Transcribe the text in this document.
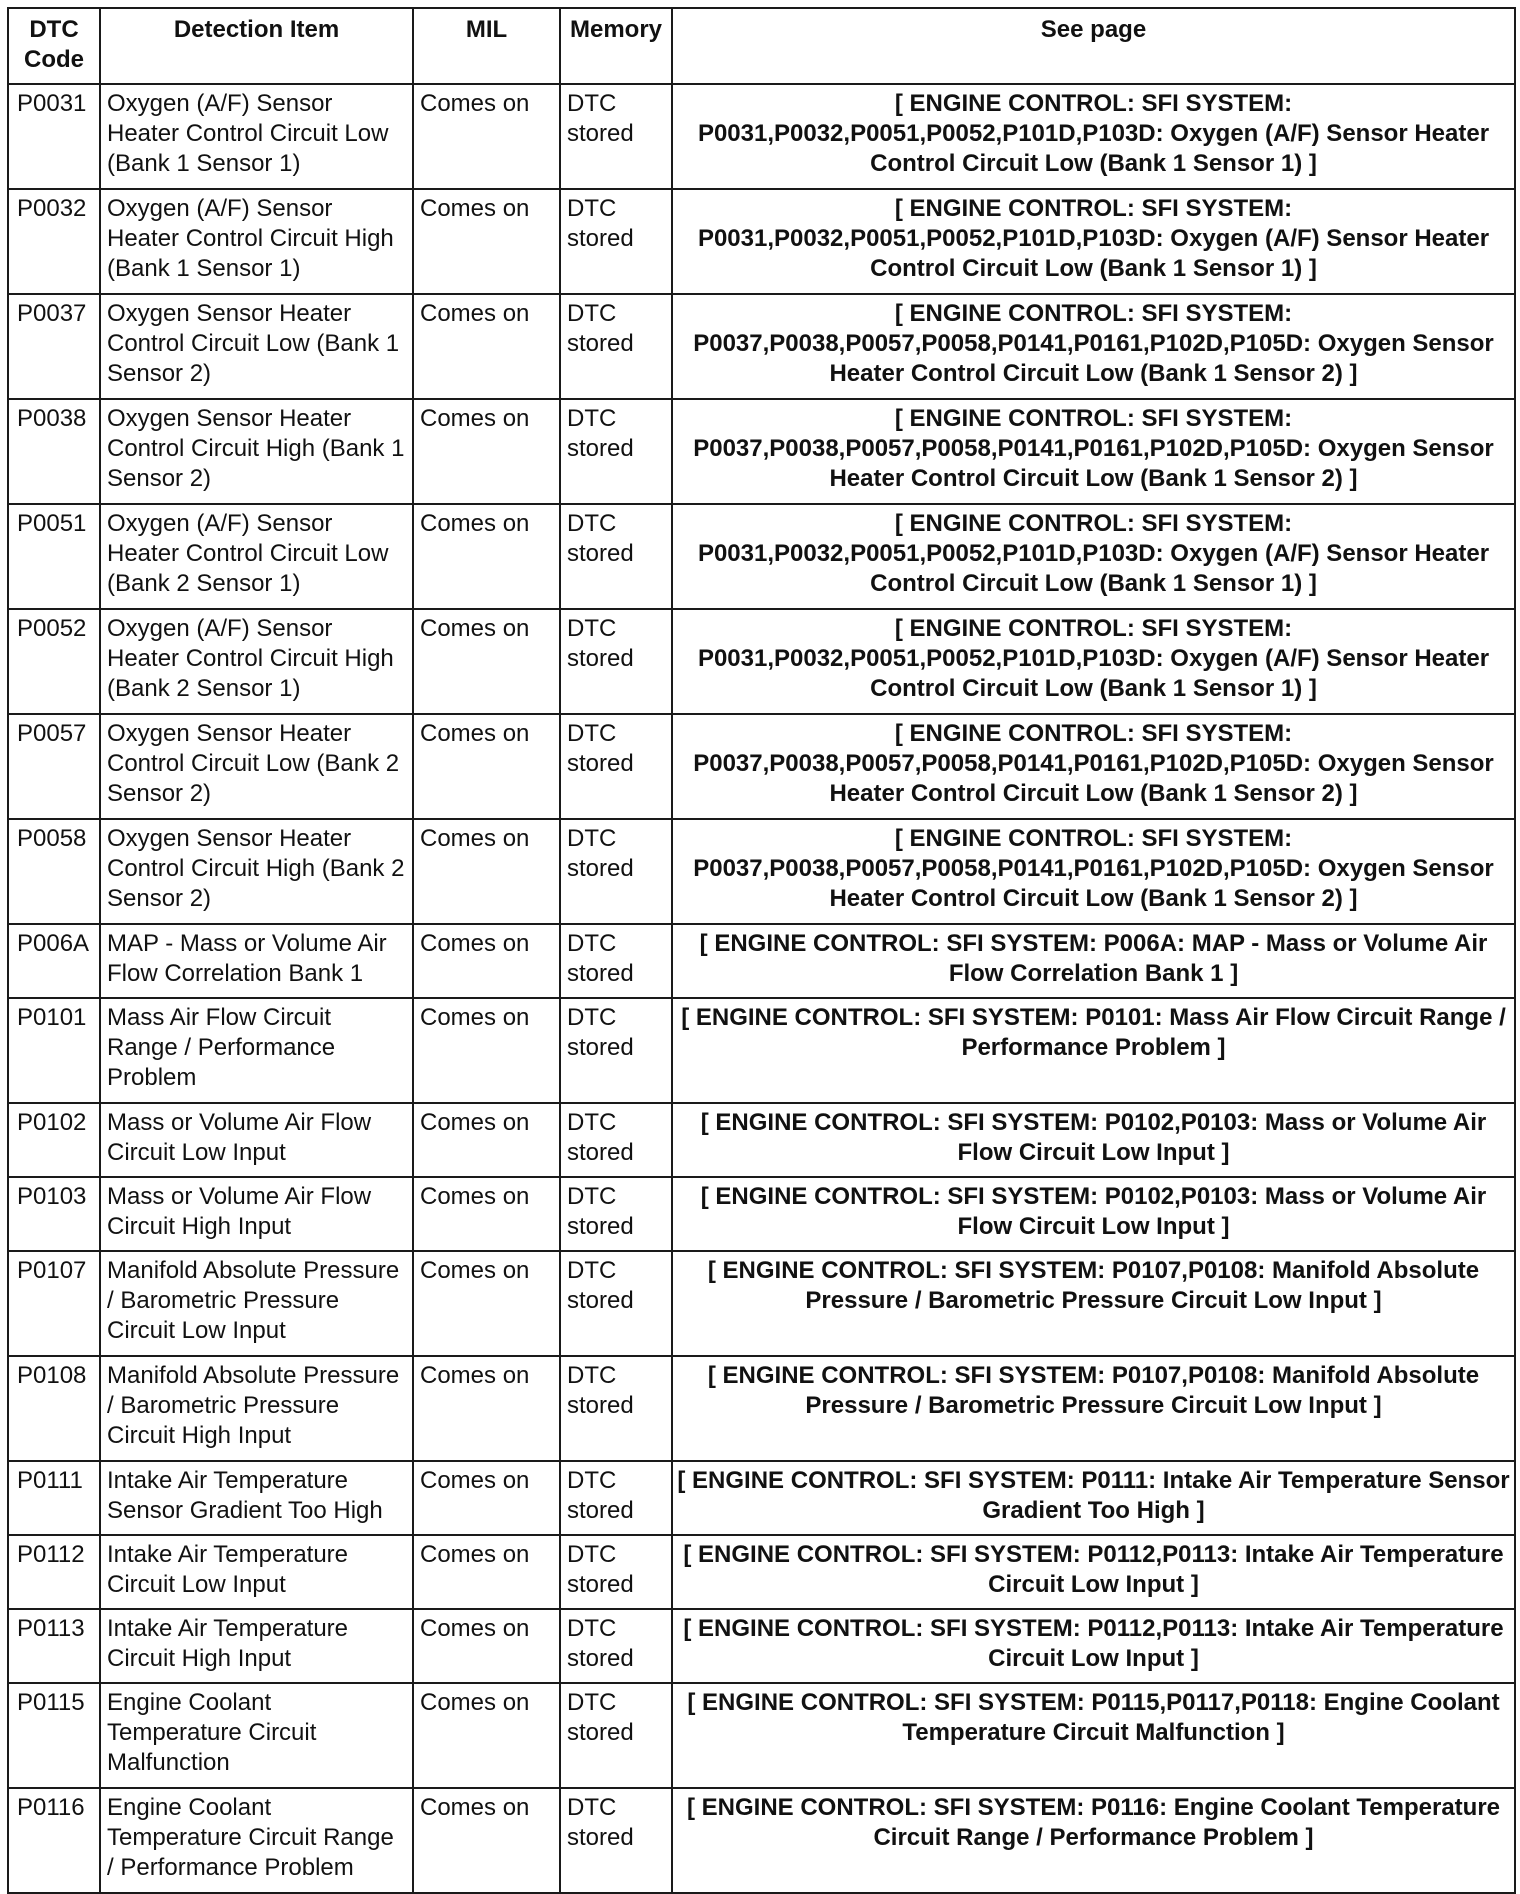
DTC Code	Detection Item	MIL	Memory	See page
P0031	Oxygen (A/F) Sensor Heater Control Circuit Low (Bank 1 Sensor 1)	Comes on	DTC stored	[ ENGINE CONTROL: SFI SYSTEM: P0031,P0032,P0051,P0052,P101D,P103D: Oxygen (A/F) Sensor Heater Control Circuit Low (Bank 1 Sensor 1) ]
P0032	Oxygen (A/F) Sensor Heater Control Circuit High (Bank 1 Sensor 1)	Comes on	DTC stored	[ ENGINE CONTROL: SFI SYSTEM: P0031,P0032,P0051,P0052,P101D,P103D: Oxygen (A/F) Sensor Heater Control Circuit Low (Bank 1 Sensor 1) ]
P0037	Oxygen Sensor Heater Control Circuit Low (Bank 1 Sensor 2)	Comes on	DTC stored	[ ENGINE CONTROL: SFI SYSTEM: P0037,P0038,P0057,P0058,P0141,P0161,P102D,P105D: Oxygen Sensor Heater Control Circuit Low (Bank 1 Sensor 2) ]
P0038	Oxygen Sensor Heater Control Circuit High (Bank 1 Sensor 2)	Comes on	DTC stored	[ ENGINE CONTROL: SFI SYSTEM: P0037,P0038,P0057,P0058,P0141,P0161,P102D,P105D: Oxygen Sensor Heater Control Circuit Low (Bank 1 Sensor 2) ]
P0051	Oxygen (A/F) Sensor Heater Control Circuit Low (Bank 2 Sensor 1)	Comes on	DTC stored	[ ENGINE CONTROL: SFI SYSTEM: P0031,P0032,P0051,P0052,P101D,P103D: Oxygen (A/F) Sensor Heater Control Circuit Low (Bank 1 Sensor 1) ]
P0052	Oxygen (A/F) Sensor Heater Control Circuit High (Bank 2 Sensor 1)	Comes on	DTC stored	[ ENGINE CONTROL: SFI SYSTEM: P0031,P0032,P0051,P0052,P101D,P103D: Oxygen (A/F) Sensor Heater Control Circuit Low (Bank 1 Sensor 1) ]
P0057	Oxygen Sensor Heater Control Circuit Low (Bank 2 Sensor 2)	Comes on	DTC stored	[ ENGINE CONTROL: SFI SYSTEM: P0037,P0038,P0057,P0058,P0141,P0161,P102D,P105D: Oxygen Sensor Heater Control Circuit Low (Bank 1 Sensor 2) ]
P0058	Oxygen Sensor Heater Control Circuit High (Bank 2 Sensor 2)	Comes on	DTC stored	[ ENGINE CONTROL: SFI SYSTEM: P0037,P0038,P0057,P0058,P0141,P0161,P102D,P105D: Oxygen Sensor Heater Control Circuit Low (Bank 1 Sensor 2) ]
P006A	MAP - Mass or Volume Air Flow Correlation Bank 1	Comes on	DTC stored	[ ENGINE CONTROL: SFI SYSTEM: P006A: MAP - Mass or Volume Air Flow Correlation Bank 1 ]
P0101	Mass Air Flow Circuit Range / Performance Problem	Comes on	DTC stored	[ ENGINE CONTROL: SFI SYSTEM: P0101: Mass Air Flow Circuit Range / Performance Problem ]
P0102	Mass or Volume Air Flow Circuit Low Input	Comes on	DTC stored	[ ENGINE CONTROL: SFI SYSTEM: P0102,P0103: Mass or Volume Air Flow Circuit Low Input ]
P0103	Mass or Volume Air Flow Circuit High Input	Comes on	DTC stored	[ ENGINE CONTROL: SFI SYSTEM: P0102,P0103: Mass or Volume Air Flow Circuit Low Input ]
P0107	Manifold Absolute Pressure / Barometric Pressure Circuit Low Input	Comes on	DTC stored	[ ENGINE CONTROL: SFI SYSTEM: P0107,P0108: Manifold Absolute Pressure / Barometric Pressure Circuit Low Input ]
P0108	Manifold Absolute Pressure / Barometric Pressure Circuit High Input	Comes on	DTC stored	[ ENGINE CONTROL: SFI SYSTEM: P0107,P0108: Manifold Absolute Pressure / Barometric Pressure Circuit Low Input ]
P0111	Intake Air Temperature Sensor Gradient Too High	Comes on	DTC stored	[ ENGINE CONTROL: SFI SYSTEM: P0111: Intake Air Temperature Sensor Gradient Too High ]
P0112	Intake Air Temperature Circuit Low Input	Comes on	DTC stored	[ ENGINE CONTROL: SFI SYSTEM: P0112,P0113: Intake Air Temperature Circuit Low Input ]
P0113	Intake Air Temperature Circuit High Input	Comes on	DTC stored	[ ENGINE CONTROL: SFI SYSTEM: P0112,P0113: Intake Air Temperature Circuit Low Input ]
P0115	Engine Coolant Temperature Circuit Malfunction	Comes on	DTC stored	[ ENGINE CONTROL: SFI SYSTEM: P0115,P0117,P0118: Engine Coolant Temperature Circuit Malfunction ]
P0116	Engine Coolant Temperature Circuit Range / Performance Problem	Comes on	DTC stored	[ ENGINE CONTROL: SFI SYSTEM: P0116: Engine Coolant Temperature Circuit Range / Performance Problem ]
